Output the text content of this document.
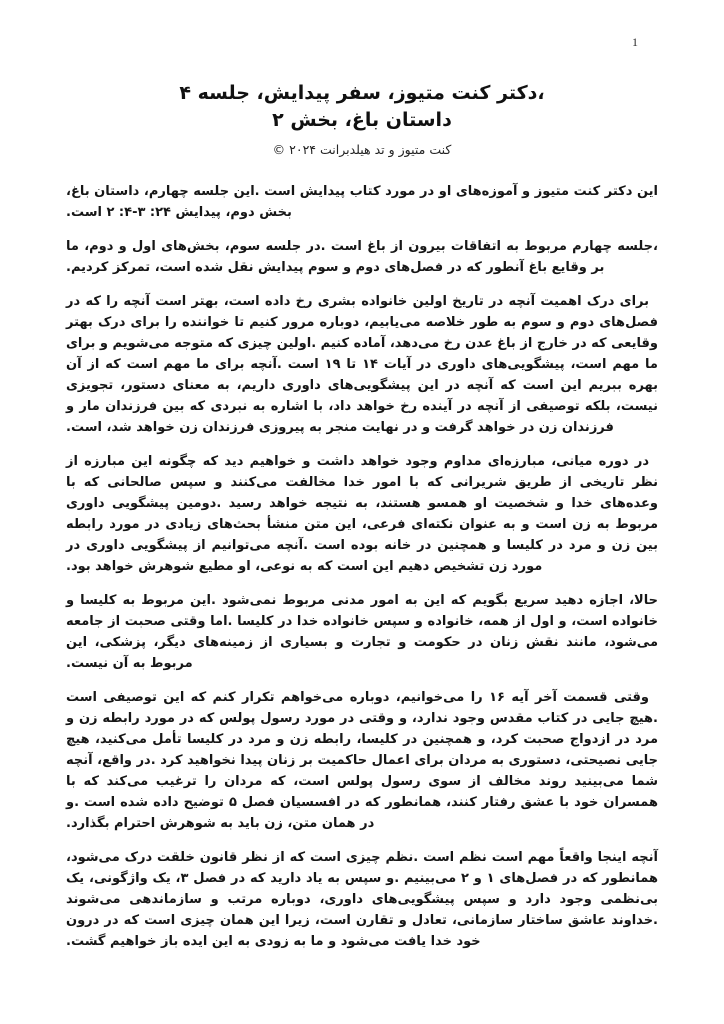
1
،دکتر کنت متیوز، سفر پیدایش، جلسه ۴
داستان باغ، بخش ۲
کنت متیوز و تد هیلدبرانت ۲۰۲۴ ©

این دکتر کنت متیوز و آموزه‌های او در مورد کتاب پیدایش است .این جلسه چهارم، داستان باغ، بخش دوم، پیدایش ‪۲ :۴-۳ :۲۴‬ است.

،جلسه چهارم مربوط به اتفاقات بیرون از باغ است .در جلسه سوم، بخش‌های اول و دوم، ما بر وقایع باغ آنطور که در فصل‌های دوم و سوم پیدایش نقل شده است، تمرکز کردیم.

برای درک اهمیت آنچه در تاریخ اولین خانواده بشری رخ داده است، بهتر است آنچه را که در فصل‌های دوم و سوم به طور خلاصه می‌یابیم، دوباره مرور کنیم تا خواننده را برای درک بهتر وقایعی که در خارج از باغ عدن رخ می‌دهد، آماده کنیم .اولین چیزی که متوجه می‌شویم و برای ما مهم است، پیشگویی‌های داوری در آیات ۱۴ تا ۱۹ است .آنچه برای ما مهم است که از آن بهره ببریم این است که آنچه در این پیشگویی‌های داوری داریم، به معنای دستور، تجویزی نیست، بلکه توصیفی از آنچه در آینده رخ خواهد داد، با اشاره به نبردی که بین فرزندان مار و فرزندان زن در خواهد گرفت و در نهایت منجر به پیروزی فرزندان زن خواهد شد، است.

در دوره میانی، مبارزه‌ای مداوم وجود خواهد داشت و خواهیم دید که چگونه این مبارزه از نظر تاریخی از طریق شریرانی که با امور خدا مخالفت می‌کنند و سپس صالحانی که با وعده‌های خدا و شخصیت او همسو هستند، به نتیجه خواهد رسید .دومین پیشگویی داوری مربوط به زن است و به عنوان نکته‌ای فرعی، این متن منشأ بحث‌های زیادی در مورد رابطه بین زن و مرد در کلیسا و همچنین در خانه بوده است .آنچه می‌توانیم از پیشگویی داوری در مورد زن تشخیص دهیم این است که به نوعی، او مطیع شوهرش خواهد بود.

حالا، اجازه دهید سریع بگویم که این به امور مدنی مربوط نمی‌شود .این مربوط به کلیسا و خانواده است، و اول از همه، خانواده و سپس خانواده خدا در کلیسا .اما وقتی صحبت از جامعه می‌شود، مانند نقش زنان در حکومت و تجارت و بسیاری از زمینه‌های دیگر، پزشکی، این مربوط به آن نیست.

وقتی قسمت آخر آیه ۱۶ را می‌خوانیم، دوباره می‌خواهم تکرار کنم که این توصیفی است .هیچ جایی در کتاب مقدس وجود ندارد، و وقتی در مورد رسول پولس که در مورد رابطه زن و مرد در ازدواج صحبت کرد، و همچنین در کلیسا، رابطه زن و مرد در کلیسا تأمل می‌کنید، هیچ جایی نصیحتی، دستوری به مردان برای اعمال حاکمیت بر زنان پیدا نخواهید کرد .در واقع، آنچه شما می‌بینید روند مخالف از سوی رسول پولس است، که مردان را ترغیب می‌کند که با همسران خود با عشق رفتار کنند، همانطور که در افسسیان فصل ۵ توضیح داده شده است .و در همان متن، زن باید به شوهرش احترام بگذارد.

آنچه اینجا واقعاً مهم است نظم است .نظم چیزی است که از نظر قانون خلقت درک می‌شود، همانطور که در فصل‌های ۱ و ۲ می‌بینیم .و سپس به یاد دارید که در فصل ۳، یک واژگونی، یک بی‌نظمی وجود دارد و سپس پیشگویی‌های داوری، دوباره مرتب و سازماندهی می‌شوند .خداوند عاشق ساختار سازمانی، تعادل و تقارن است، زیرا این همان چیزی است که در درون خود خدا یافت می‌شود و ما به زودی به این ایده باز خواهیم گشت.
